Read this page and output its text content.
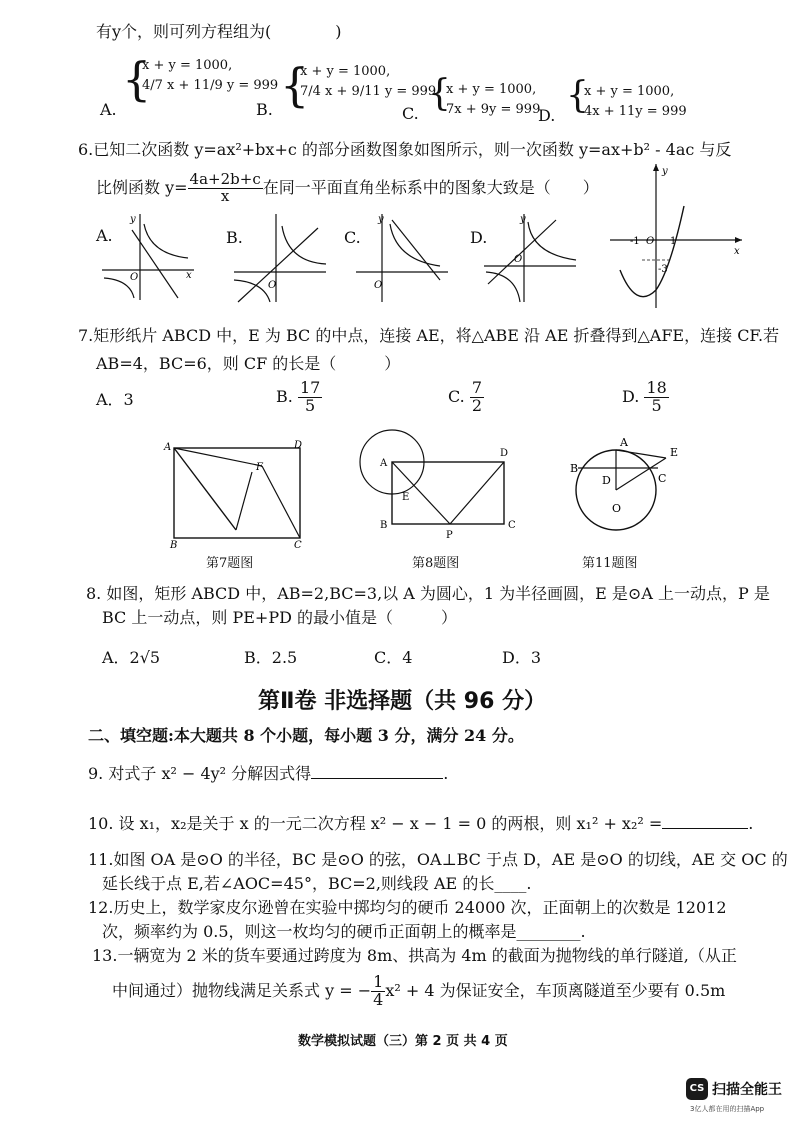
有y个，则可列方程组为(　　　　)
A.
{
x + y = 1000,
4/7 x + 11/9 y = 999
B. {
x + y = 1000,
7/4 x + 9/11 y = 999
C. {
x + y = 1000,
7x + 9y = 999
D. {
x + y = 1000,
4x + 11y = 999
6.已知二次函数 y=ax²+bx+c 的部分函数图象如图所示，则一次函数 y=ax+b² - 4ac 与反
比例函数 $y= \frac{4a+2b+c}{x}$ 在同一平面直角坐标系中的图象大致是（　　）
A.
x
y
O
B.
O
C.
y
O
D.
y
O
y
x
-1 O 1
-3
7.矩形纸片 ABCD 中，E 为 BC 的中点，连接 AE，将△ABE 沿 AE 折叠得到△AFE，连接 CF.若
AB=4，BC=6，则 CF 的长是（　　　）
A．3	B. $\frac{17}{5}$	C. $\frac{7}{2}$	D. $\frac{18}{5}$
A	D
B	C
F
第7题图
A
D
B	C
P
E
第8题图
A
E
B
C
D
O
第11题图
8. 如图，矩形 ABCD 中，AB=2,BC=3,以 A 为圆心，1 为半径画圆，E 是⊙A 上一动点，P 是
BC 上一动点，则 PE+PD 的最小值是（　　　）
A．2√5	B．2.5	C．4	D．3
第Ⅱ卷 非选择题（共 96 分）
二、填空题:本大题共 8 个小题，每小题 3 分，满分 24 分。
9. 对式子 x² − 4y² 分解因式得	.
10. 设 x₁，x₂是关于 x 的一元二次方程 x² − x − 1 = 0 的两根，则 x₁² + x₂² =	.
11.如图 OA 是⊙O 的半径，BC 是⊙O 的弦，OA⊥BC 于点 D，AE 是⊙O 的切线，AE 交 OC 的
延长线于点 E,若∠AOC=45°，BC=2,则线段 AE 的长____.
12.历史上，数学家皮尔逊曾在实验中掷均匀的硬币 24000 次，正面朝上的次数是 12012
次，频率约为 0.5，则这一枚均匀的硬币正面朝上的概率是________.
13.一辆宽为 2 米的货车要通过跨度为 8m、拱高为 4m 的截面为抛物线的单行隧道,（从正
中间通过）抛物线满足关系式 y = − $\frac{1}{4} x^2 + 4$ 为保证安全，车顶离隧道至少要有 0.5m
数学模拟试题（三）第 2 页 共 4 页
CS 扫描全能王
3亿人都在用的扫描App
